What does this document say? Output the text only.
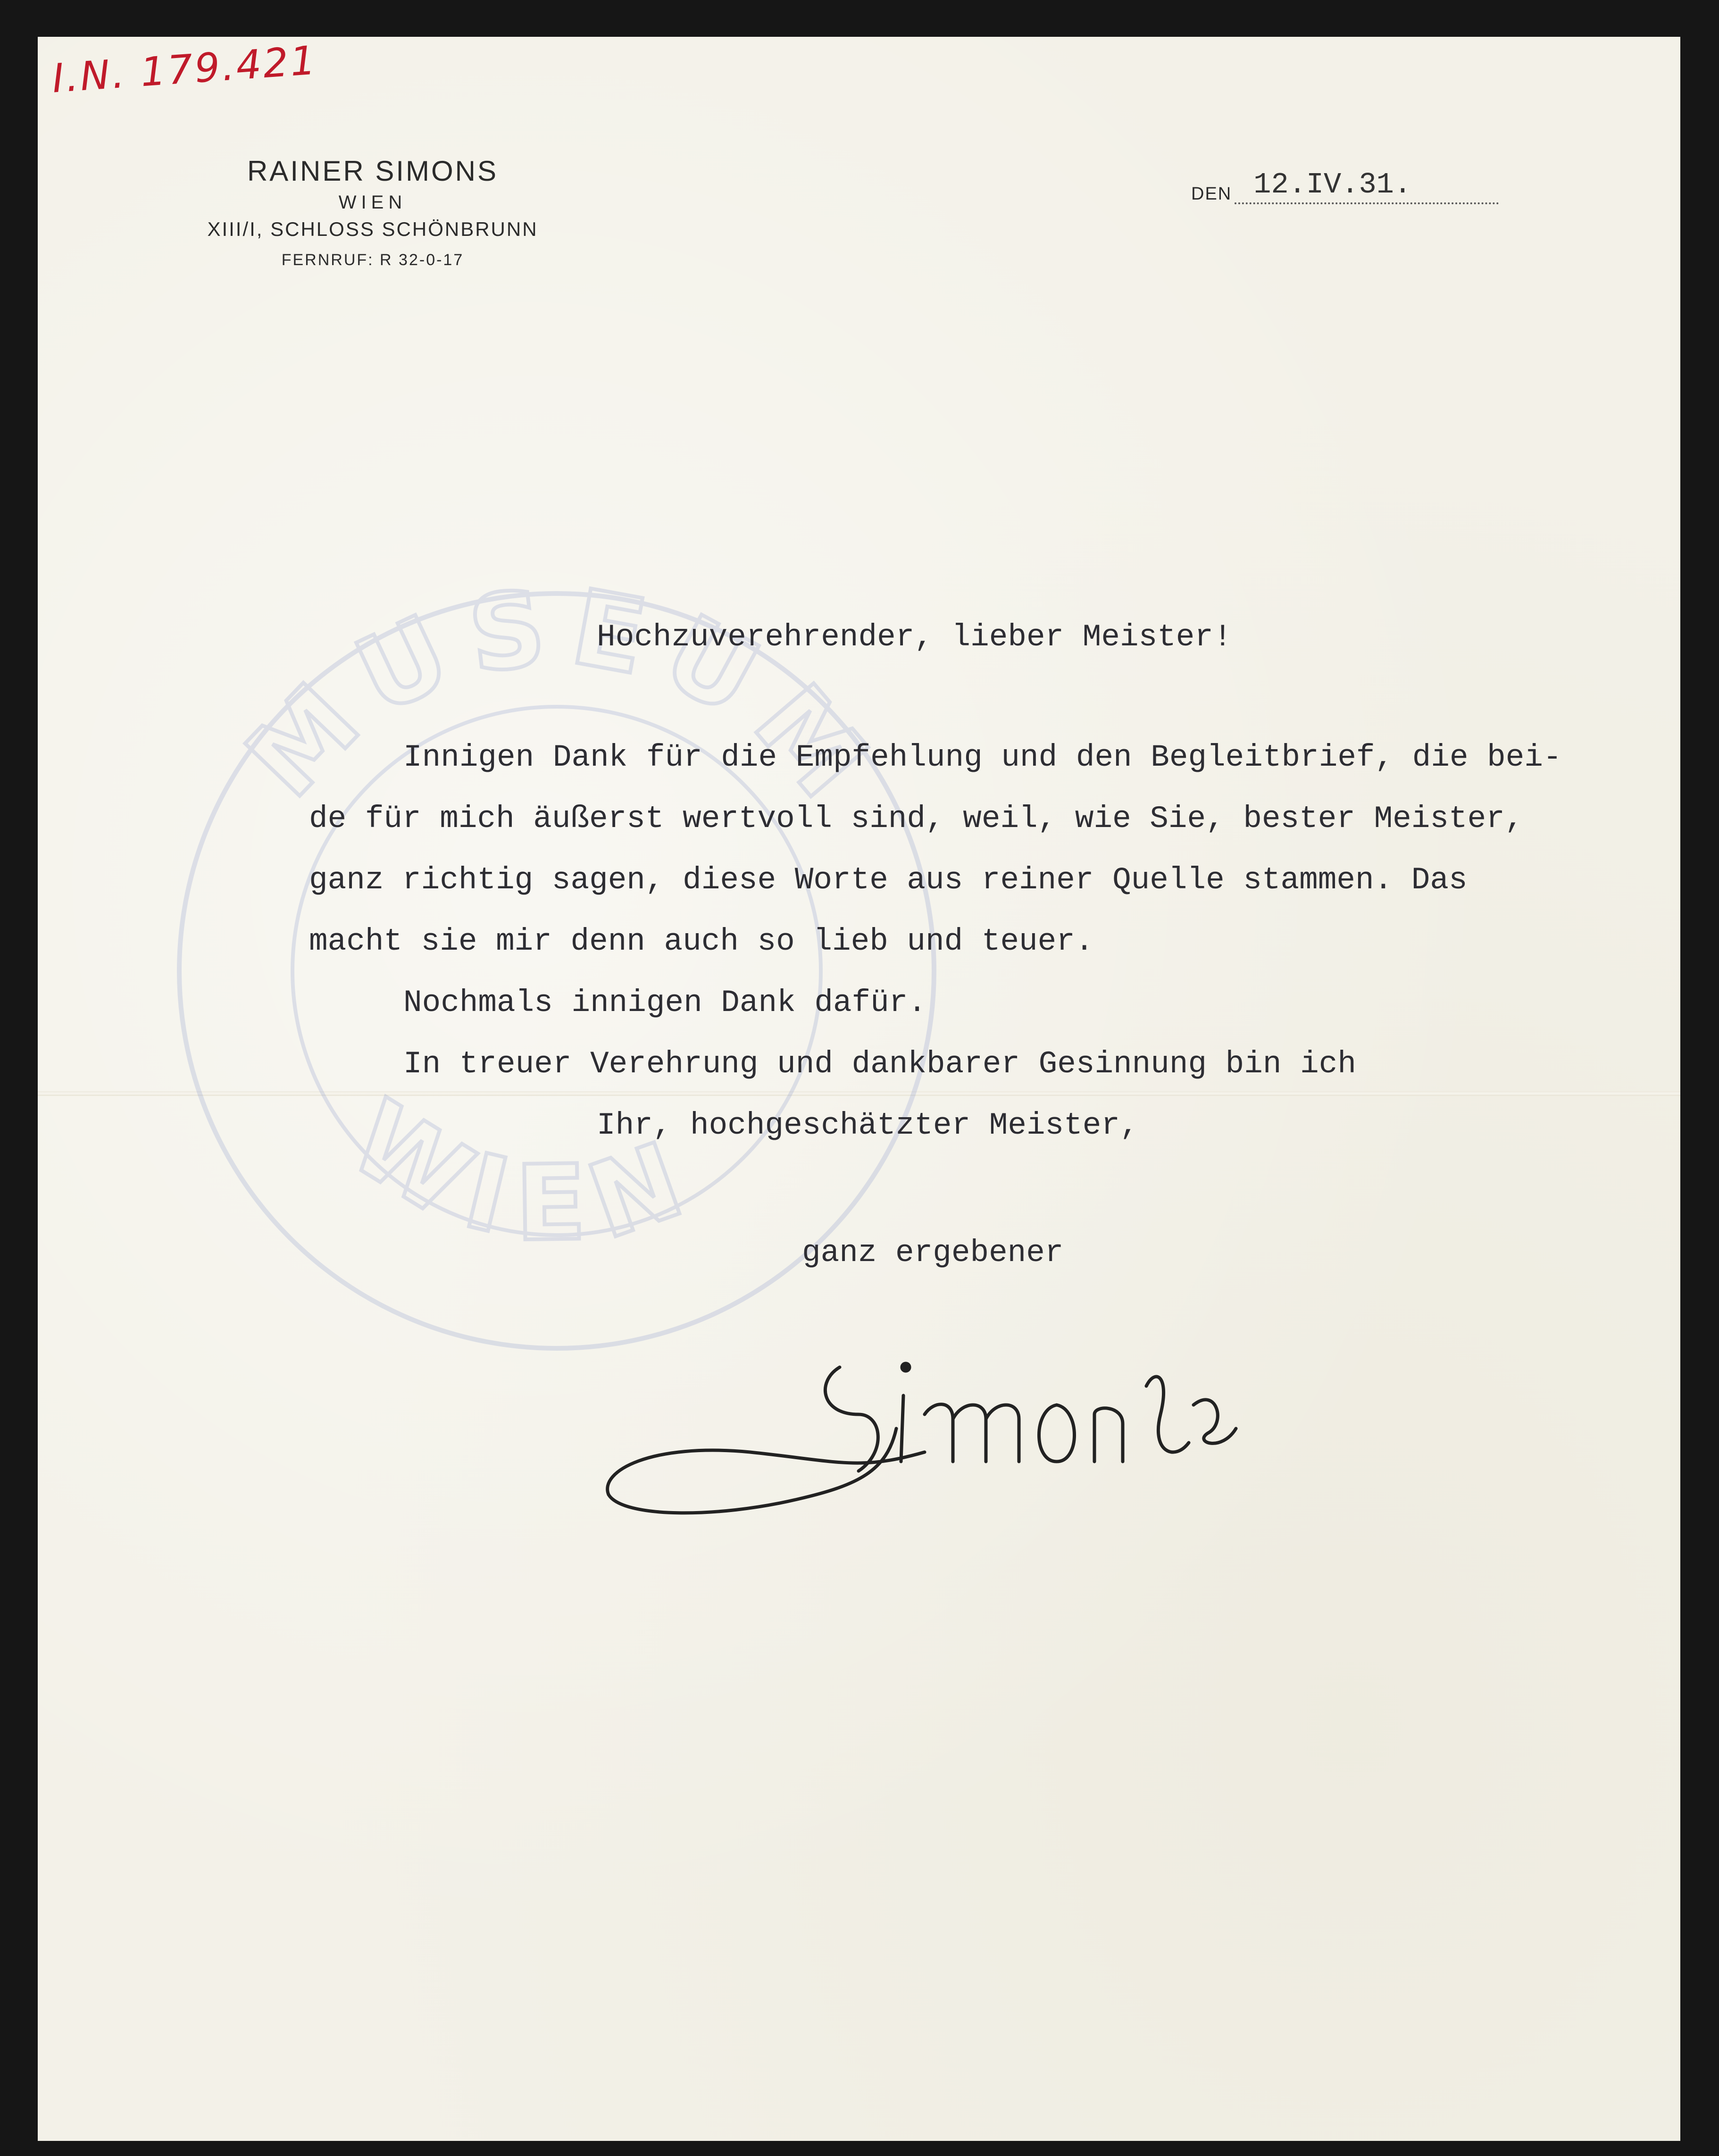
MUSEUM
WIEN
I.N. 179.421
RAINER SIMONS
WIEN
XIII/I, SCHLOSS SCHÖNBRUNN
FERNRUF: R 32-0-17
DEN 12.IV.31.
Hochzuverehrender, lieber Meister!
Innigen Dank für die Empfehlung und den Begleitbrief, die bei-
de für mich äußerst wertvoll sind, weil, wie Sie, bester Meister,
ganz richtig sagen, diese Worte aus reiner Quelle stammen. Das
macht sie mir denn auch so lieb und teuer.
Nochmals innigen Dank dafür.
In treuer Verehrung und dankbarer Gesinnung bin ich
Ihr, hochgeschätzter Meister,
ganz ergebener
